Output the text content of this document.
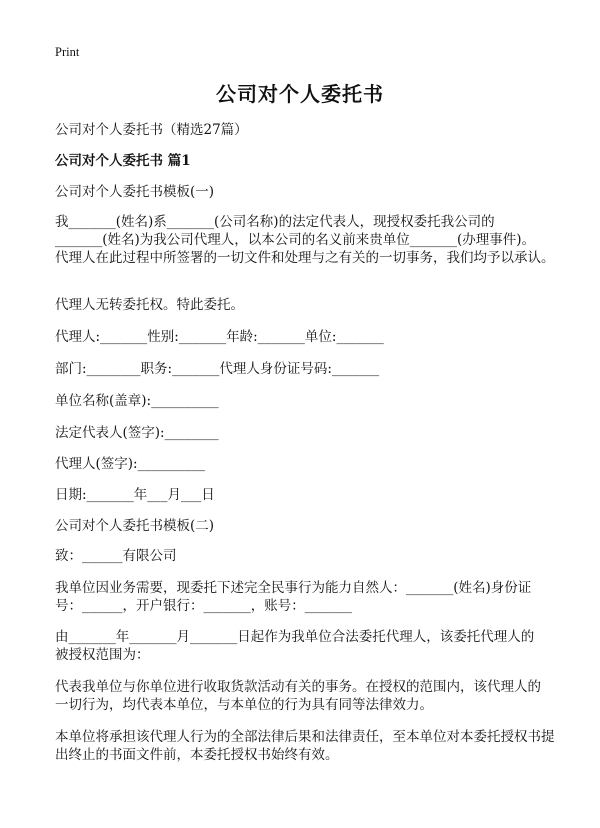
Print
公司对个人委托书
公司对个人委托书（精选27篇）
公司对个人委托书 篇1
公司对个人委托书模板(一)
我_______(姓名)系_______(公司名称)的法定代表人，现授权委托我公司的
_______(姓名)为我公司代理人，以本公司的名义前来贵单位_______(办理事件)。
代理人在此过程中所签署的一切文件和处理与之有关的一切事务，我们均予以承认。
代理人无转委托权。特此委托。
代理人:_______性别:_______年龄:_______单位:_______
部门:________职务:_______代理人身份证号码:_______
单位名称(盖章):__________
法定代表人(签字):________
代理人(签字):__________
日期:_______年___月___日
公司对个人委托书模板(二)
致：______有限公司
我单位因业务需要，现委托下述完全民事行为能力自然人：_______(姓名)身份证
号：______，开户银行：_______，账号：_______
由_______年_______月_______日起作为我单位合法委托代理人，该委托代理人的
被授权范围为：
代表我单位与你单位进行收取货款活动有关的事务。在授权的范围内，该代理人的
一切行为，均代表本单位，与本单位的行为具有同等法律效力。
本单位将承担该代理人行为的全部法律后果和法律责任，至本单位对本委托授权书提
出终止的书面文件前，本委托授权书始终有效。
